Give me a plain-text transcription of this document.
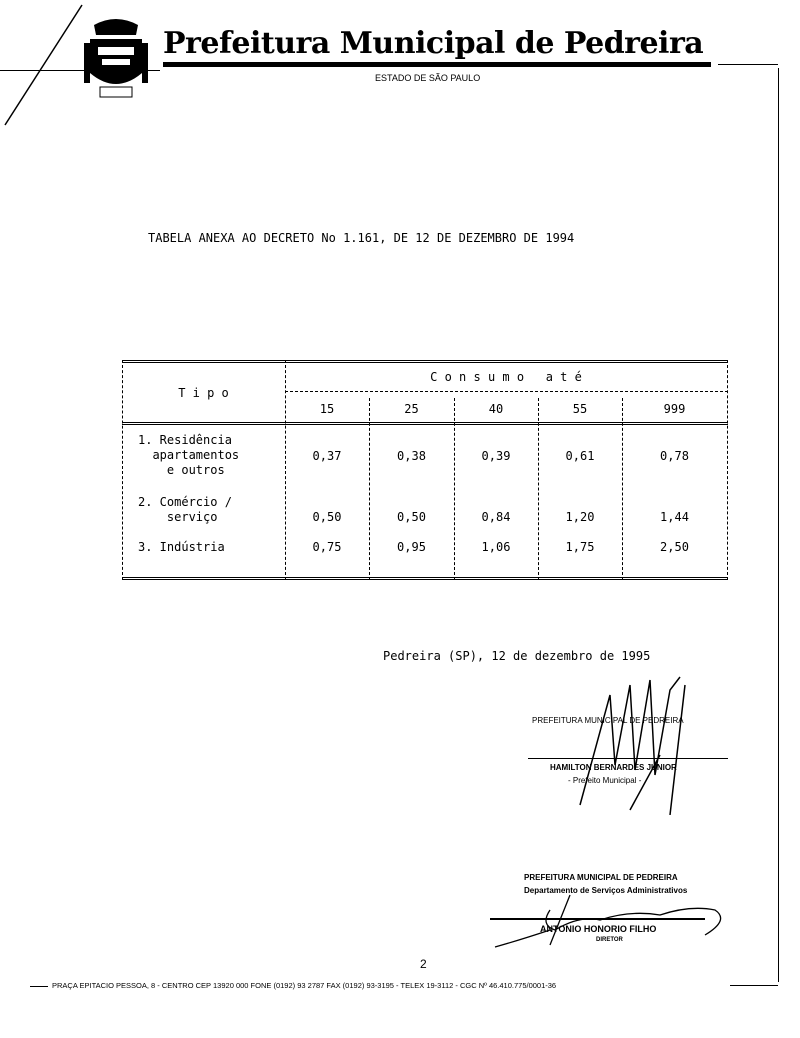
Prefeitura Municipal de Pedreira
ESTADO DE SÃO PAULO
TABELA ANEXA AO DECRETO No 1.161, DE 12 DE DEZEMBRO DE 1994
T i p o
C o n s u m o   a t é
15	25	40	55	999
1. Residência
apartamentos
e outros
0,37	0,38	0,39	0,61	0,78
2. Comércio /
serviço	0,50	0,50	0,84	1,20	1,44
3. Indústria	0,75	0,95	1,06	1,75	2,50
Pedreira (SP), 12 de dezembro de 1995
PREFEITURA MUNICIPAL DE PEDREIRA
HAMILTON BERNARDES JUNIOR
- Prefeito Municipal -
PREFEITURA MUNICIPAL DE PEDREIRA
Departamento de Serviços Administrativos
ANTONIO HONORIO FILHO
DIRETOR
2
PRAÇA EPITACIO PESSOA, 8 - CENTRO CEP 13920 000 FONE (0192) 93 2787 FAX (0192) 93-3195 - TELEX 19-3112 - CGC Nº 46.410.775/0001-36
